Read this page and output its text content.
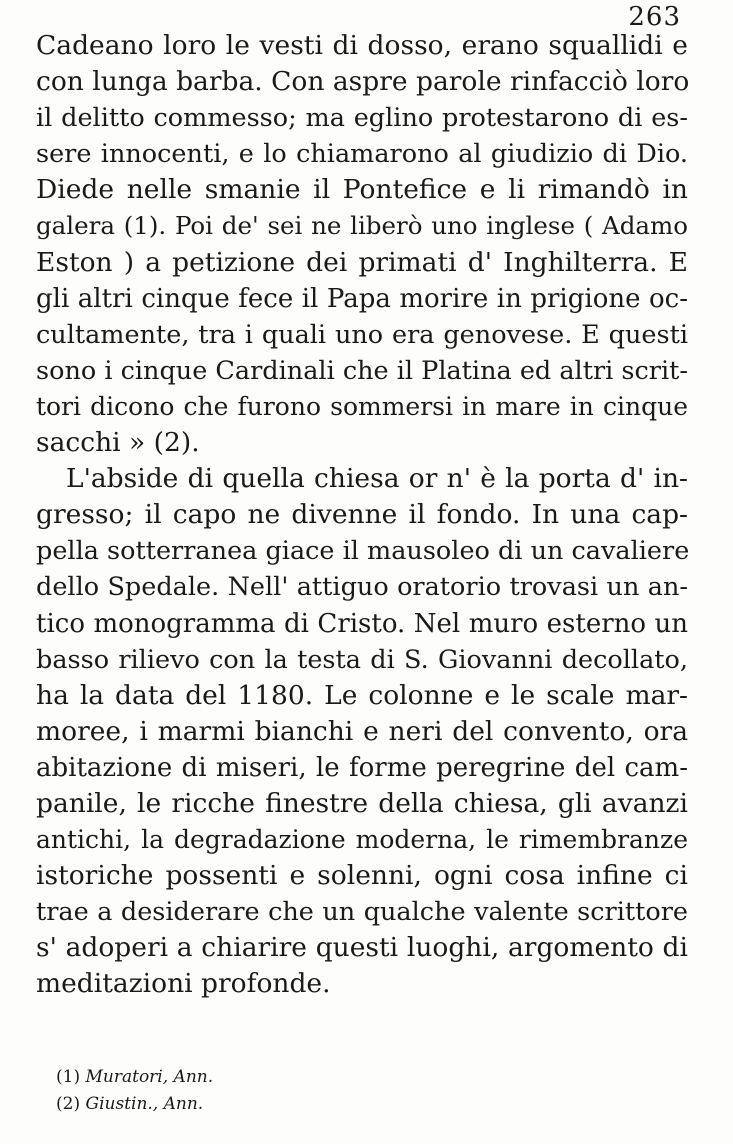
263
Cadeano loro le vesti di dosso, erano squallidi e
con lunga barba. Con aspre parole rinfacciò loro
il delitto commesso; ma eglino protestarono di es-
sere innocenti, e lo chiamarono al giudizio di Dio.
Diede nelle smanie il Pontefice e li rimandò in
galera (1). Poi de' sei ne liberò uno inglese ( Adamo
Eston ) a petizione dei primati d' Inghilterra. E
gli altri cinque fece il Papa morire in prigione oc-
cultamente, tra i quali uno era genovese. E questi
sono i cinque Cardinali che il Platina ed altri scrit-
tori dicono che furono sommersi in mare in cinque
sacchi » (2).
L'abside di quella chiesa or n' è la porta d' in-
gresso; il capo ne divenne il fondo. In una cap-
pella sotterranea giace il mausoleo di un cavaliere
dello Spedale. Nell' attiguo oratorio trovasi un an-
tico monogramma di Cristo. Nel muro esterno un
basso rilievo con la testa di S. Giovanni decollato,
ha la data del 1180. Le colonne e le scale mar-
moree, i marmi bianchi e neri del convento, ora
abitazione di miseri, le forme peregrine del cam-
panile, le ricche finestre della chiesa, gli avanzi
antichi, la degradazione moderna, le rimembranze
istoriche possenti e solenni, ogni cosa infine ci
trae a desiderare che un qualche valente scrittore
s' adoperi a chiarire questi luoghi, argomento di
meditazioni profonde.
(1) Muratori, Ann.
(2) Giustin., Ann.
